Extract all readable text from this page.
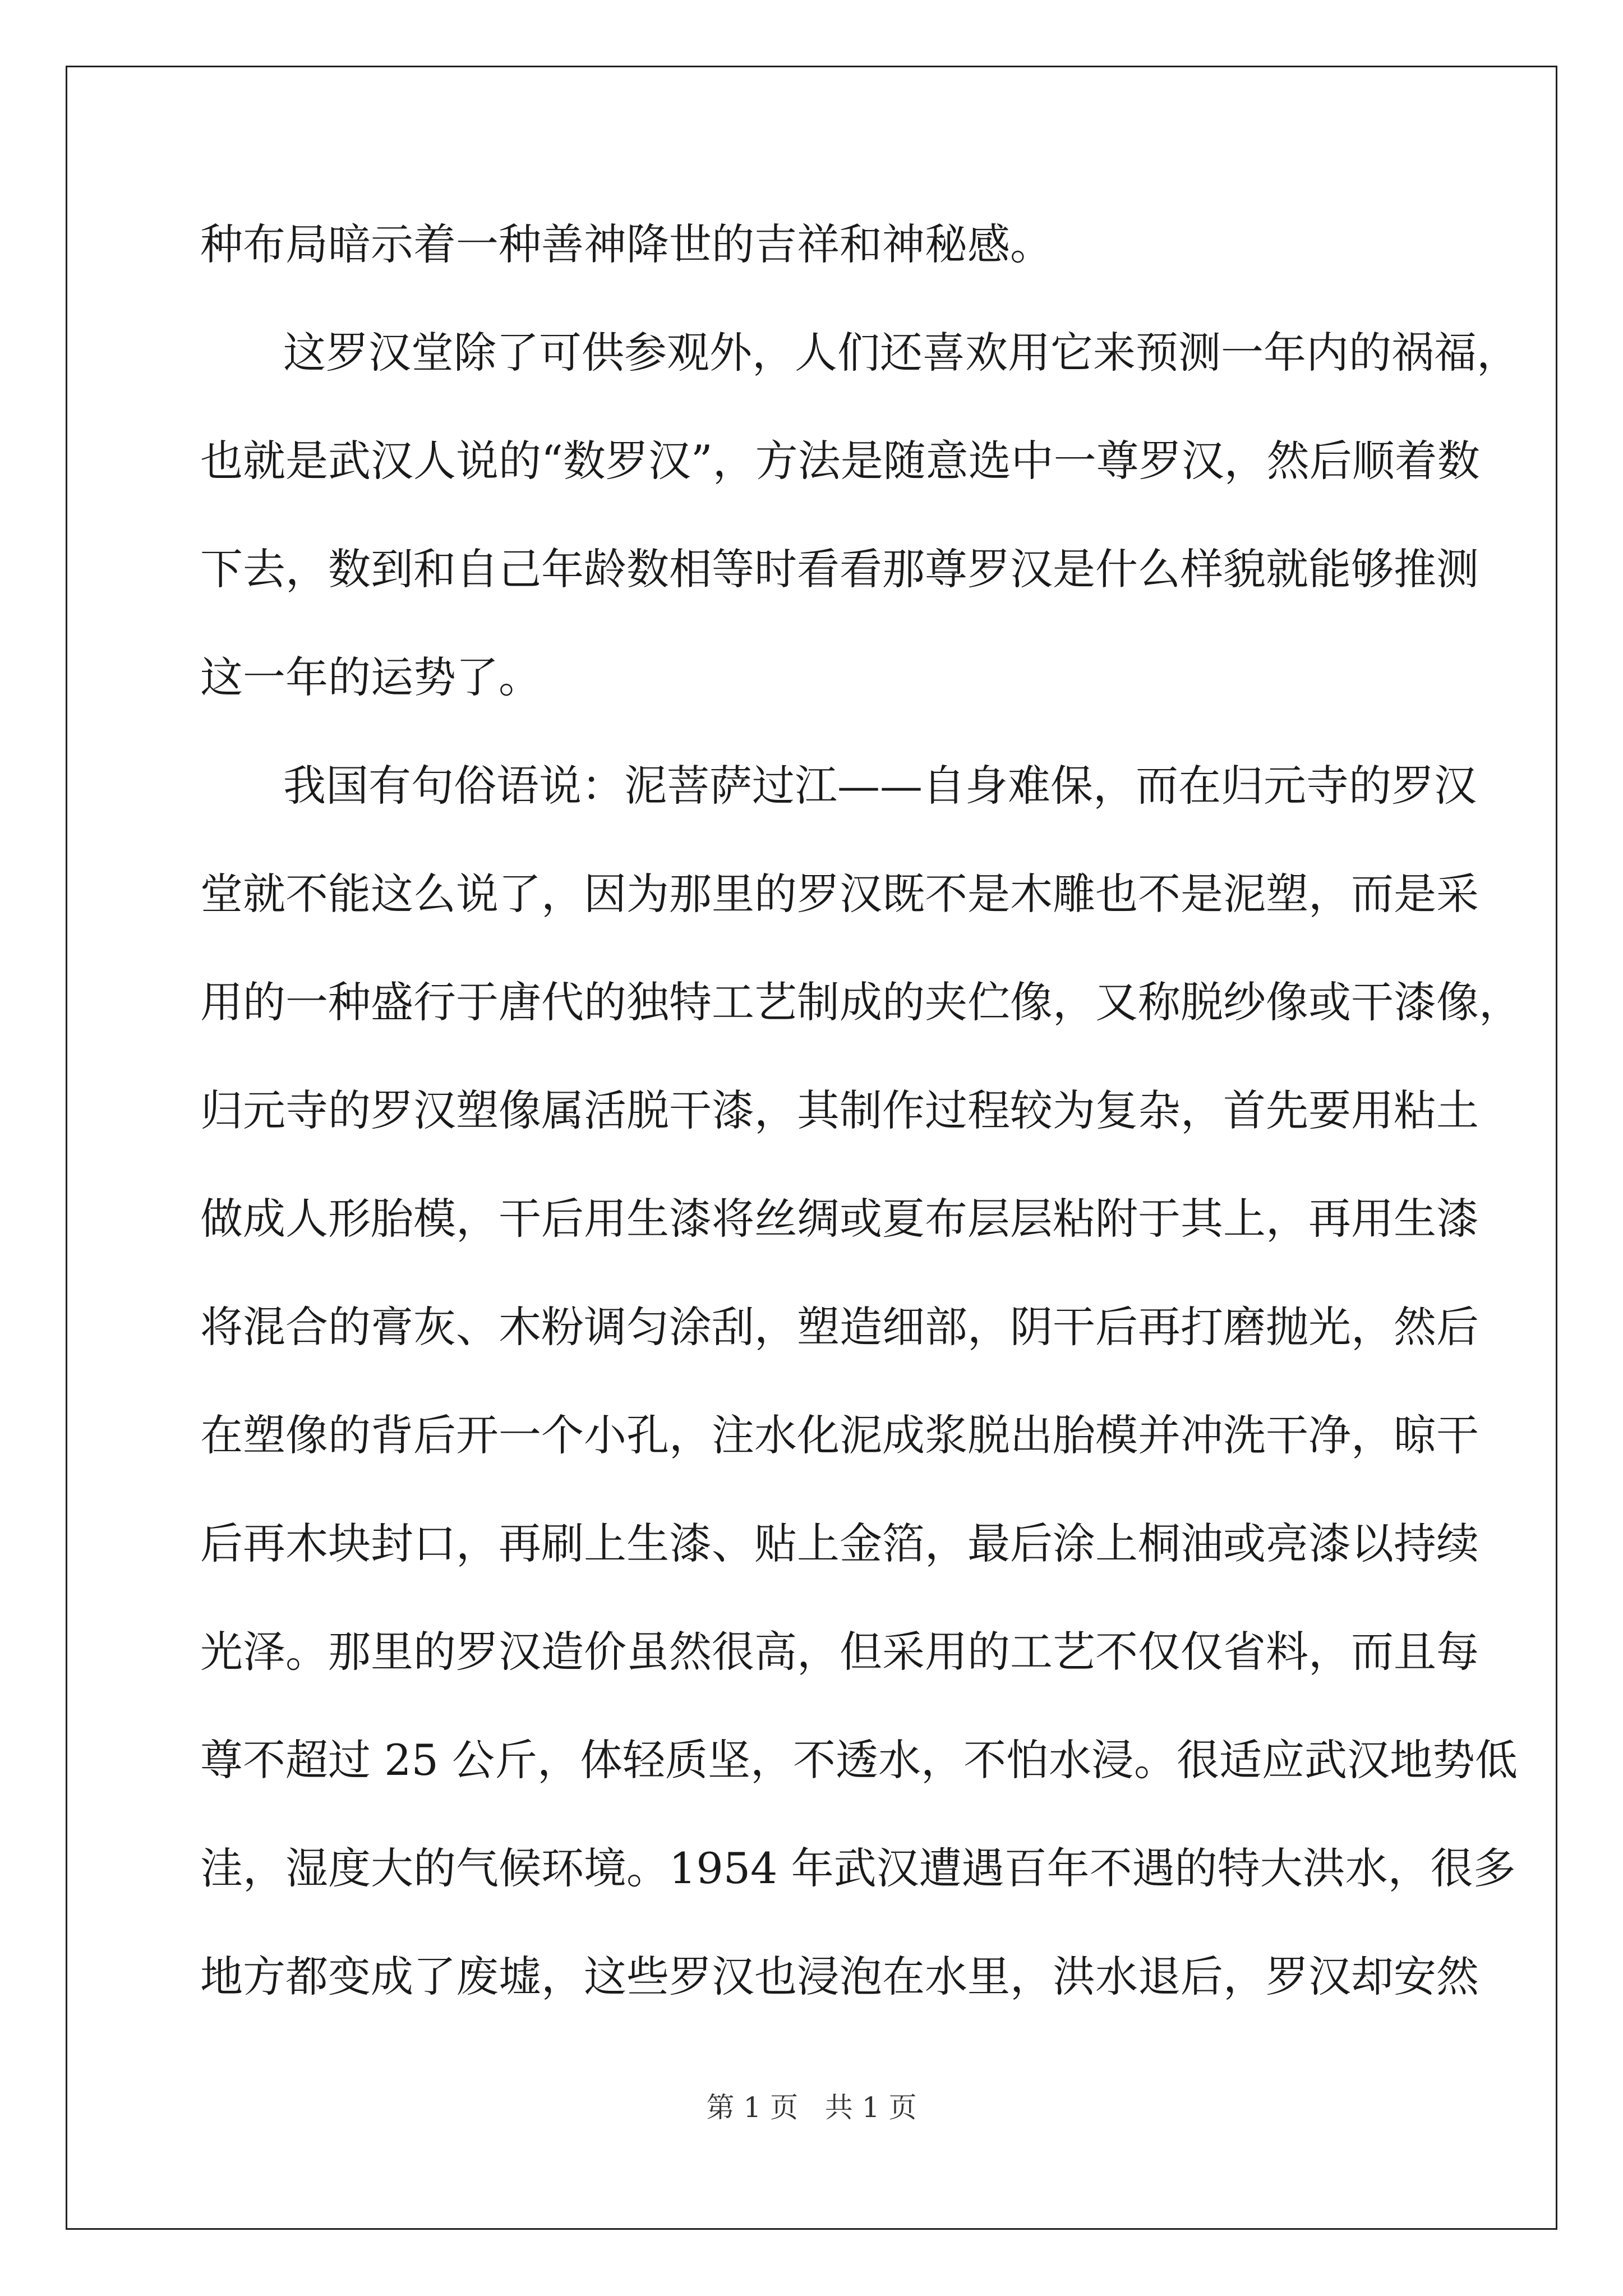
种布局暗示着一种善神降世的吉祥和神秘感。
这罗汉堂除了可供参观外，人们还喜欢用它来预测一年内的祸福，
也就是武汉人说的“数罗汉”，方法是随意选中一尊罗汉，然后顺着数
下去，数到和自己年龄数相等时看看那尊罗汉是什么样貌就能够推测
这一年的运势了。
我国有句俗语说：泥菩萨过江——自身难保，而在归元寺的罗汉
堂就不能这么说了，因为那里的罗汉既不是木雕也不是泥塑，而是采
用的一种盛行于唐代的独特工艺制成的夹伫像，又称脱纱像或干漆像，
归元寺的罗汉塑像属活脱干漆，其制作过程较为复杂，首先要用粘土
做成人形胎模，干后用生漆将丝绸或夏布层层粘附于其上，再用生漆
将混合的膏灰、木粉调匀涂刮，塑造细部，阴干后再打磨抛光，然后
在塑像的背后开一个小孔，注水化泥成浆脱出胎模并冲洗干净，晾干
后再木块封口，再刷上生漆、贴上金箔，最后涂上桐油或亮漆以持续
光泽。那里的罗汉造价虽然很高，但采用的工艺不仅仅省料，而且每
尊不超过 25 公斤，体轻质坚，不透水，不怕水浸。很适应武汉地势低
洼，湿度大的气候环境。1954 年武汉遭遇百年不遇的特大洪水，很多
地方都变成了废墟，这些罗汉也浸泡在水里，洪水退后，罗汉却安然
第 1 页 共 1 页
